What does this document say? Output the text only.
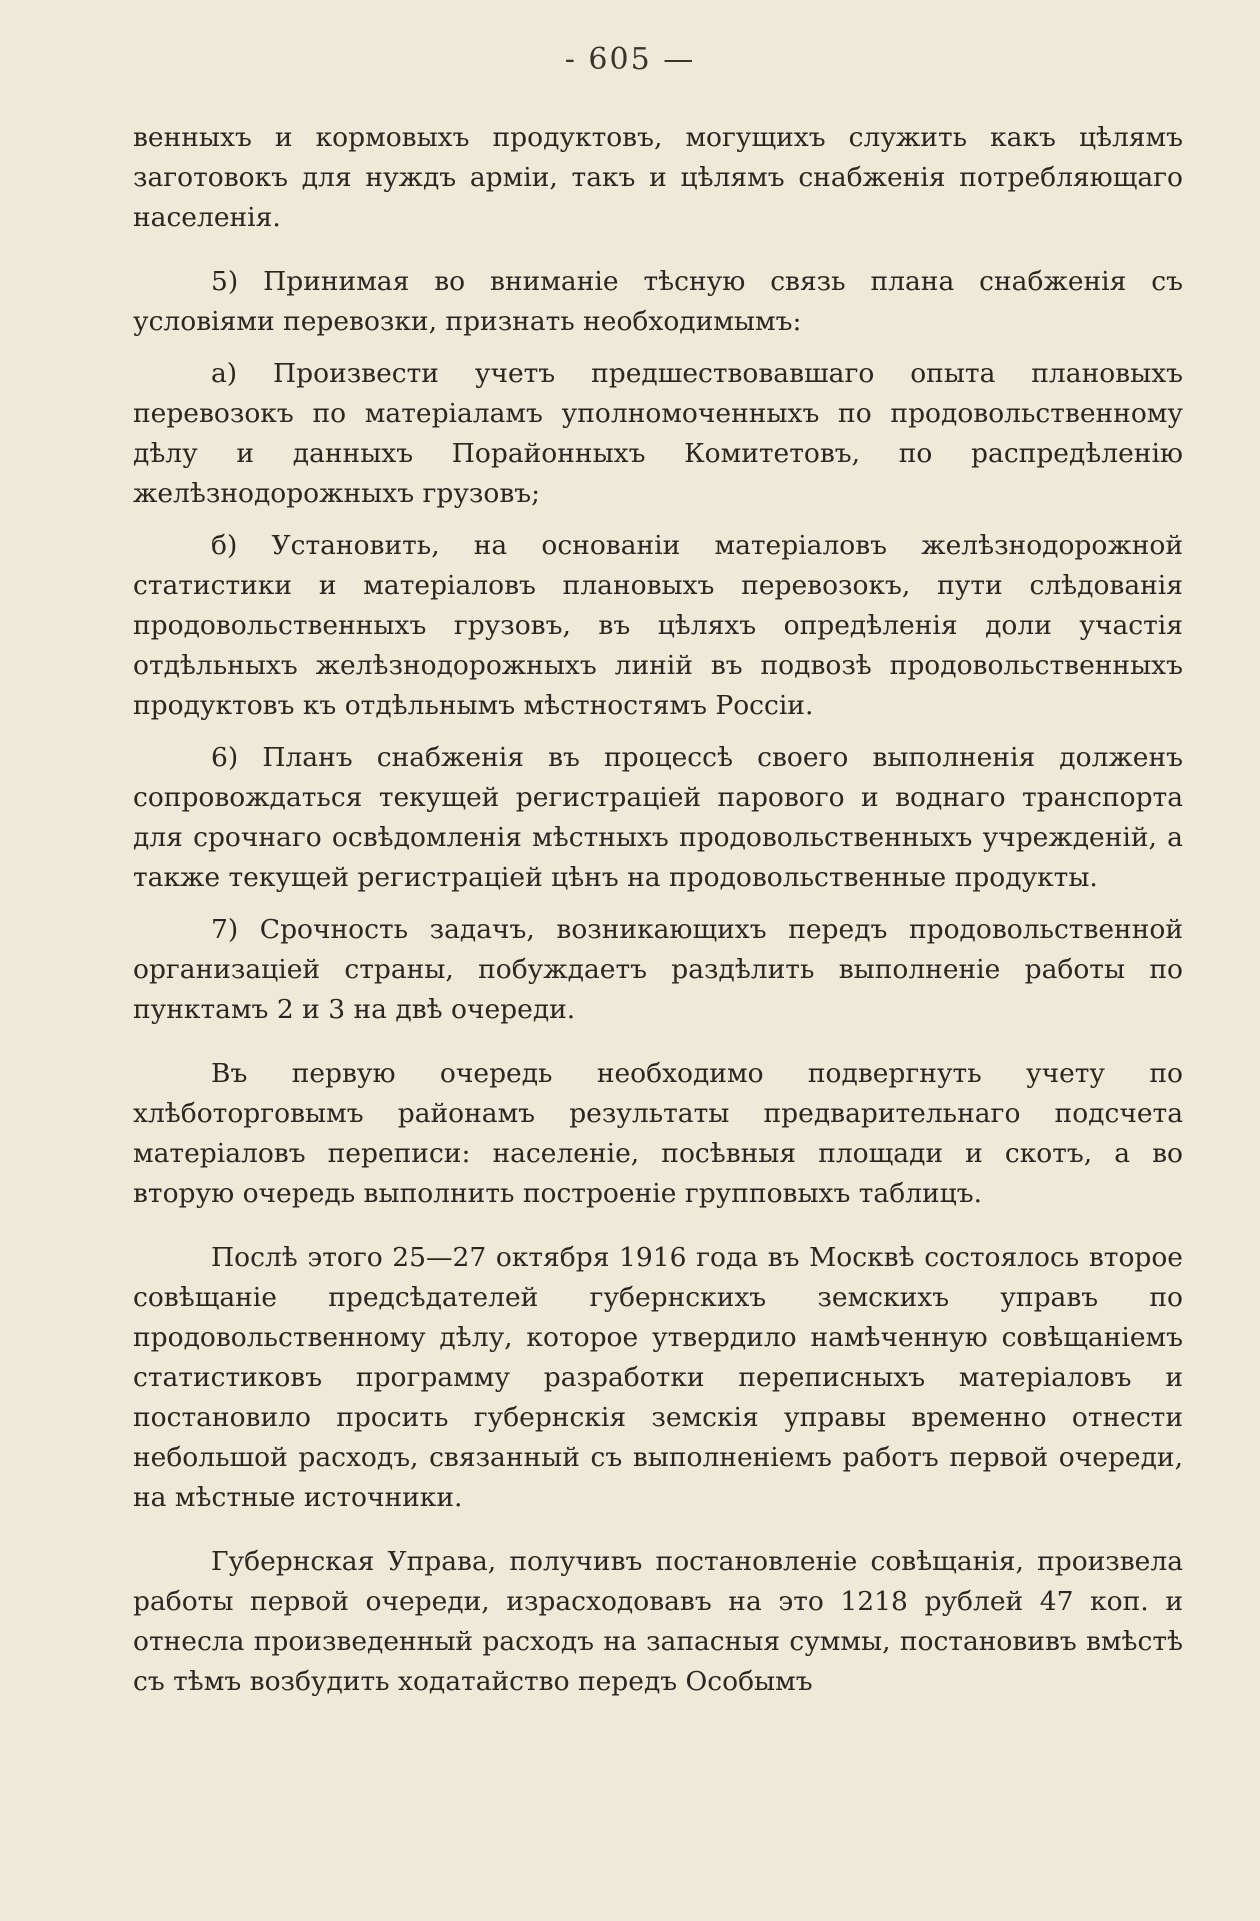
- 605 —

венныхъ и кормовыхъ продуктовъ, могущихъ служить какъ цѣлямъ заготовокъ для нуждъ арміи, такъ и цѣлямъ снабженія потребляющаго населенія.

5) Принимая во вниманіе тѣсную связь плана снабженія съ условіями перевозки, признать необходимымъ:

а) Произвести учетъ предшествовавшаго опыта плановыхъ перевозокъ по матеріаламъ уполномоченныхъ по продовольственному дѣлу и данныхъ Порайонныхъ Комитетовъ, по распредѣленію желѣзнодорожныхъ грузовъ;

б) Установить, на основаніи матеріаловъ желѣзнодорожной статистики и матеріаловъ плановыхъ перевозокъ, пути слѣдованія продовольственныхъ грузовъ, въ цѣляхъ опредѣленія доли участія отдѣльныхъ желѣзнодорожныхъ линій въ подвозѣ продовольственныхъ продуктовъ къ отдѣльнымъ мѣстностямъ Россіи.

6) Планъ снабженія въ процессѣ своего выполненія долженъ сопровождаться текущей регистраціей парового и воднаго транспорта для срочнаго освѣдомленія мѣстныхъ продовольственныхъ учрежденій, а также текущей регистраціей цѣнъ на продовольственные продукты.

7) Срочность задачъ, возникающихъ передъ продовольственной организаціей страны, побуждаетъ раздѣлить выполненіе работы по пунктамъ 2 и 3 на двѣ очереди.

Въ первую очередь необходимо подвергнуть учету по хлѣботорговымъ районамъ результаты предварительнаго подсчета матеріаловъ переписи: населеніе, посѣвныя площади и скотъ, а во вторую очередь выполнить построеніе групповыхъ таблицъ.

Послѣ этого 25—27 октября 1916 года въ Москвѣ состоялось второе совѣщаніе предсѣдателей губернскихъ земскихъ управъ по продовольственному дѣлу, которое утвердило намѣченную совѣщаніемъ статистиковъ программу разработки переписныхъ матеріаловъ и постановило просить губернскія земскія управы временно отнести небольшой расходъ, связанный съ выполненіемъ работъ первой очереди, на мѣстные источники.

Губернская Управа, получивъ постановленіе совѣщанія, произвела работы первой очереди, израсходовавъ на это 1218 рублей 47 коп. и отнесла произведенный расходъ на запасныя суммы, постановивъ вмѣстѣ съ тѣмъ возбудить ходатайство передъ Особымъ
